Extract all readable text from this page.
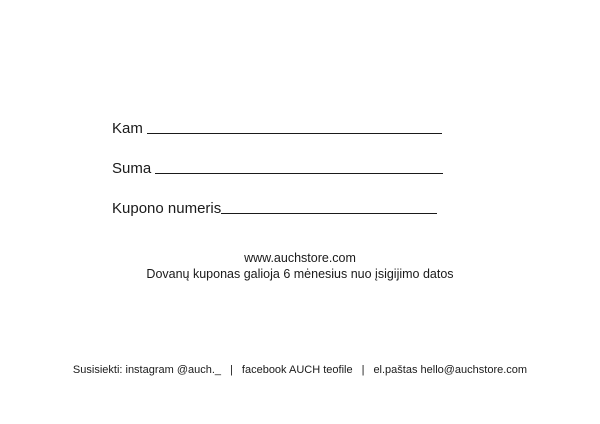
Kam
Suma
Kupono numeris
www.auchstore.com
Dovanų kuponas galioja 6 mėnesius nuo įsigijimo datos
Susisiekti: instagram @auch._ | facebook AUCH teofile | el.paštas hello@auchstore.com
